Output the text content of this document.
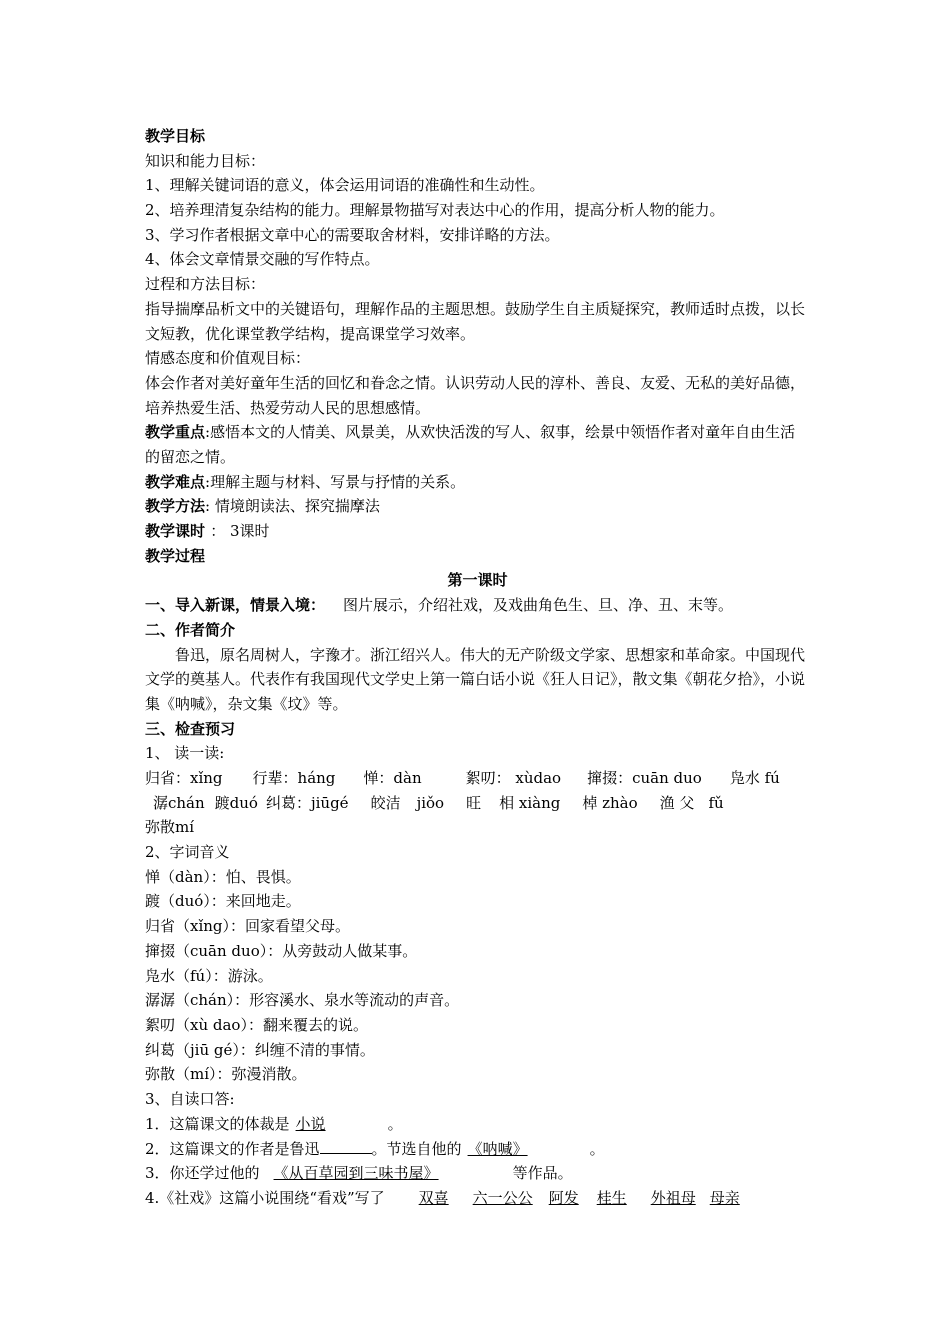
教学目标
知识和能力目标：
1、理解关键词语的意义，体会运用词语的准确性和生动性。
2、培养理清复杂结构的能力。理解景物描写对表达中心的作用，提高分析人物的能力。
3、学习作者根据文章中心的需要取舍材料，安排详略的方法。
4、体会文章情景交融的写作特点。
过程和方法目标：
指导揣摩品析文中的关键语句，理解作品的主题思想。鼓励学生自主质疑探究，教师适时点拨，以长文短教，优化课堂教学结构，提高课堂学习效率。
情感态度和价值观目标：
体会作者对美好童年生活的回忆和眷念之情。认识劳动人民的淳朴、善良、友爱、无私的美好品德，培养热爱生活、热爱劳动人民的思想感情。
教学重点:感悟本文的人情美、风景美，从欢快活泼的写人、叙事，绘景中领悟作者对童年自由生活的留恋之情。
教学难点:理解主题与材料、写景与抒情的关系。
教学方法: 情境朗读法、探究揣摩法
教学课时 ： 3课时
教学过程
第一课时
一、导入新课，情景入境： 图片展示，介绍社戏，及戏曲角色生、旦、净、丑、末等。
二、作者简介
鲁迅，原名周树人，字豫才。浙江绍兴人。伟大的无产阶级文学家、思想家和革命家。中国现代文学的奠基人。代表作有我国现代文学史上第一篇白话小说《狂人日记》，散文集《朝花夕拾》，小说集《呐喊》，杂文集《坟》等。
三、检查预习
1、 读一读:
归省：xǐng 行辈：háng 惮：dàn	絮叨： xùdao 撺掇：cuān duo 凫水 fú
潺chán 踱duó 纠葛：jiūgé 皎洁 jiǒo 旺 相 xiàng 棹 zhào 渔 父 fǔ
弥散mí
2、字词音义
惮（dàn）：怕、畏惧。
踱（duó）：来回地走。
归省（xǐng）：回家看望父母。
撺掇（cuān duo）：从旁鼓动人做某事。
凫水（fú）：游泳。
潺潺（chán）：形容溪水、泉水等流动的声音。
絮叨（xù dao）：翻来覆去的说。
纠葛（jiū gé）：纠缠不清的事情。
弥散（mí）：弥漫消散。
3、自读口答:
1．这篇课文的体裁是 小说	。
2．这篇课文的作者是鲁迅	。节选自他的 《呐喊》	。
3．你还学过他的 《从百草园到三味书屋》	等作品。
4.《社戏》这篇小说围绕“看戏”写了 双喜 六一公公 阿发 桂生 外祖母 母亲
